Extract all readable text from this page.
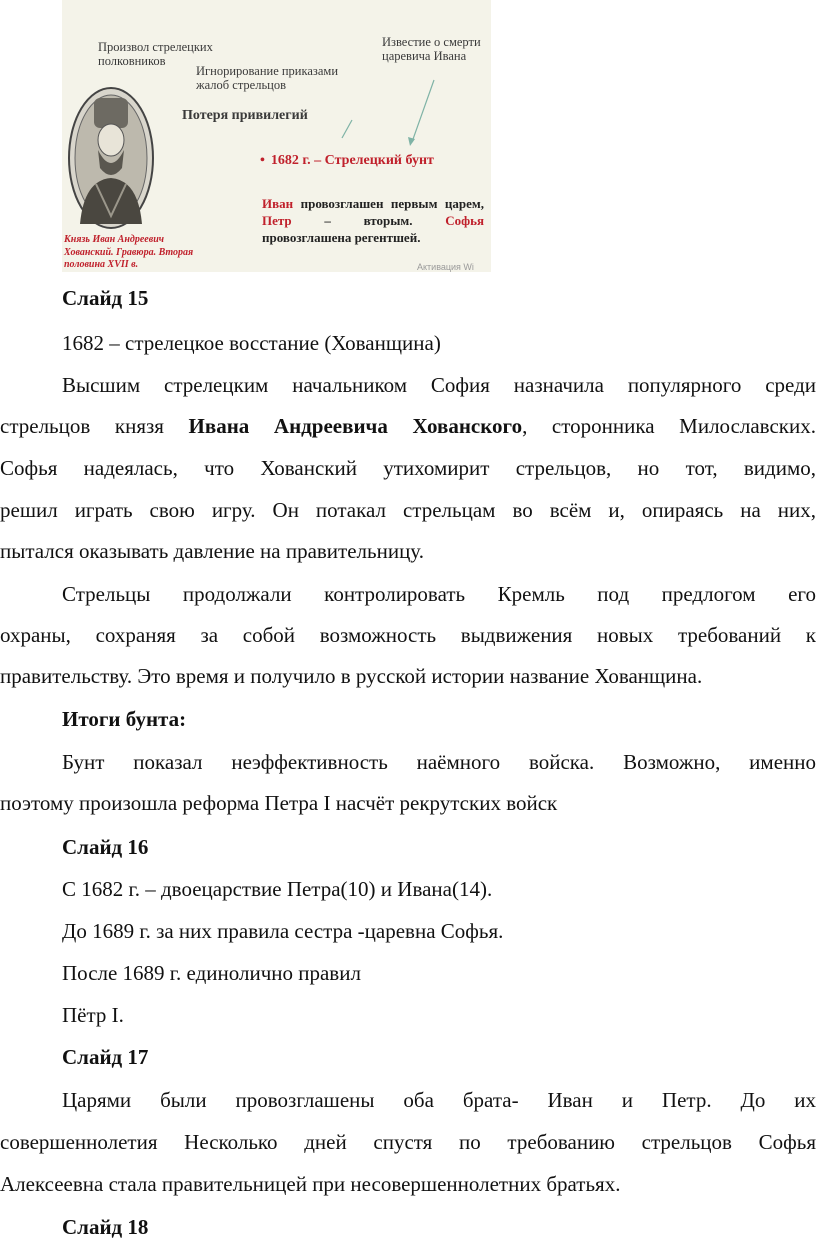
Произвол стрелецких полковников
Игнорирование приказами жалоб стрельцов
Известие о смерти царевича Ивана
Потеря привилегий
• 1682 г. – Стрелецкий бунт
Иван провозглашен первым царем, Петр – вторым. Софья провозглашена регентшей.
Князь Иван Андреевич Хованский. Гравюра. Вторая половина XVII в.	Активация Wi
Слайд 15
1682 – стрелецкое восстание (Хованщина)
Высшим стрелецким начальником София назначила популярного среди
стрельцов князя Ивана Андреевича Хованского, сторонника Милославских.
Софья надеялась, что Хованский утихомирит стрельцов, но тот, видимо,
решил играть свою игру. Он потакал стрельцам во всём и, опираясь на них,
пытался оказывать давление на правительницу.
Стрельцы продолжали контролировать Кремль под предлогом его
охраны, сохраняя за собой возможность выдвижения новых требований к
правительству. Это время и получило в русской истории название Хованщина.
Итоги бунта:
Бунт показал неэффективность наёмного войска. Возможно, именно
поэтому произошла реформа Петра I насчёт рекрутских войск
Слайд 16
С 1682 г. – двоецарствие Петра(10) и Ивана(14).
До 1689 г. за них правила сестра -царевна Софья.
После 1689 г. единолично правил
Пётр I.
Слайд 17
Царями были провозглашены оба брата- Иван и Петр. До их
совершеннолетия Несколько дней спустя по требованию стрельцов Софья
Алексеевна стала правительницей при несовершеннолетних братьях.
Слайд 18
